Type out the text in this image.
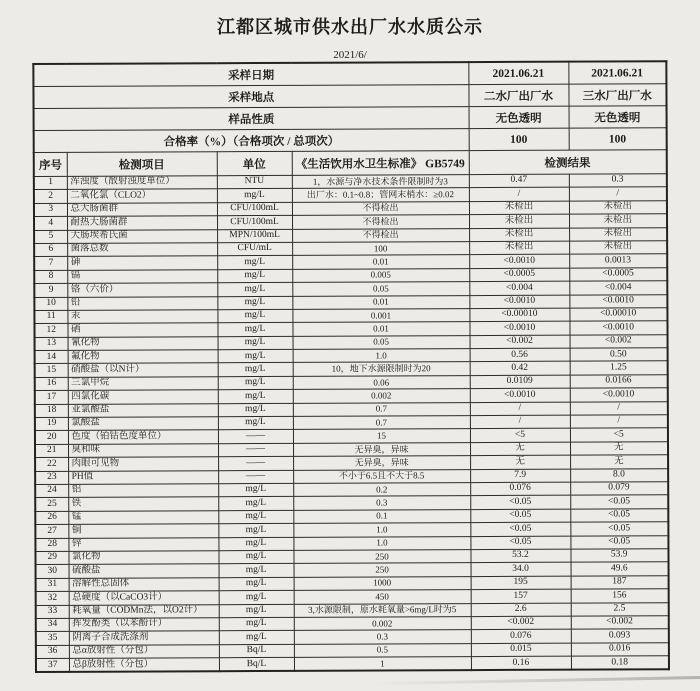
江都区城市供水出厂水水质公示
2021/6/
采样日期				2021.06.21	2021.06.21
采样地点				二水厂出厂水	三水厂出厂水
样品性质				无色透明	无色透明
合格率（%）（合格项次 / 总项次）				100	100
序号	检测项目	单位	《生活饮用水卫生标准》 GB5749	检测结果	
1	浑浊度（散射浊度单位）	NTU	1，水源与净水技术条件限制时为3	0.47	0.3
2	二氧化氯（CLO2）	mg/L	出厂水：0.1~0.8；管网末梢水：≥0.02	/	/
3	总大肠菌群	CFU/100mL	不得检出	未检出	未检出
4	耐热大肠菌群	CFU/100mL	不得检出	未检出	未检出
5	大肠埃希氏菌	MPN/100mL	不得检出	未检出	未检出
6	菌落总数	CFU/mL	100	未检出	未检出
7	砷	mg/L	0.01	<0.0010	0.0013
8	镉	mg/L	0.005	<0.0005	<0.0005
9	铬（六价）	mg/L	0.05	<0.004	<0.004
10	铅	mg/L	0.01	<0.0010	<0.0010
11	汞	mg/L	0.001	<0.00010	<0.00010
12	硒	mg/L	0.01	<0.0010	<0.0010
13	氰化物	mg/L	0.05	<0.002	<0.002
14	氟化物	mg/L	1.0	0.56	0.50
15	硝酸盐（以N计）	mg/L	10，地下水源限制时为20	0.42	1.25
16	三氯甲烷	mg/L	0.06	0.0109	0.0166
17	四氯化碳	mg/L	0.002	<0.0010	<0.0010
18	亚氯酸盐	mg/L	0.7	/	/
19	氯酸盐	mg/L	0.7	/	/
20	色度（铂钴色度单位）	——	15	<5	<5
21	臭和味	——	无异臭，异味	无	无
22	肉眼可见物	——	无异臭，异味	无	无
23	PH值	——	不小于6.5且不大于8.5	7.9	8.0
24	铝	mg/L	0.2	0.076	0.079
25	铁	mg/L	0.3	<0.05	<0.05
26	锰	mg/L	0.1	<0.05	<0.05
27	铜	mg/L	1.0	<0.05	<0.05
28	锌	mg/L	1.0	<0.05	<0.05
29	氯化物	mg/L	250	53.2	53.9
30	硫酸盐	mg/L	250	34.0	49.6
31	溶解性总固体	mg/L	1000	195	187
32	总硬度（以CaCO3计）	mg/L	450	157	156
33	耗氧量（CODMn法，以O2计）	mg/L	3,水源限制，原水耗氧量>6mg/L时为5	2.6	2.5
34	挥发酚类（以苯酚计）	mg/L	0.002	<0.002	<0.002
35	阴离子合成洗涤剂	mg/L	0.3	0.076	0.093
36	总α放射性（分包）	Bq/L	0.5	0.015	0.016
37	总β放射性（分包）	Bq/L	1	0.16	0.18
